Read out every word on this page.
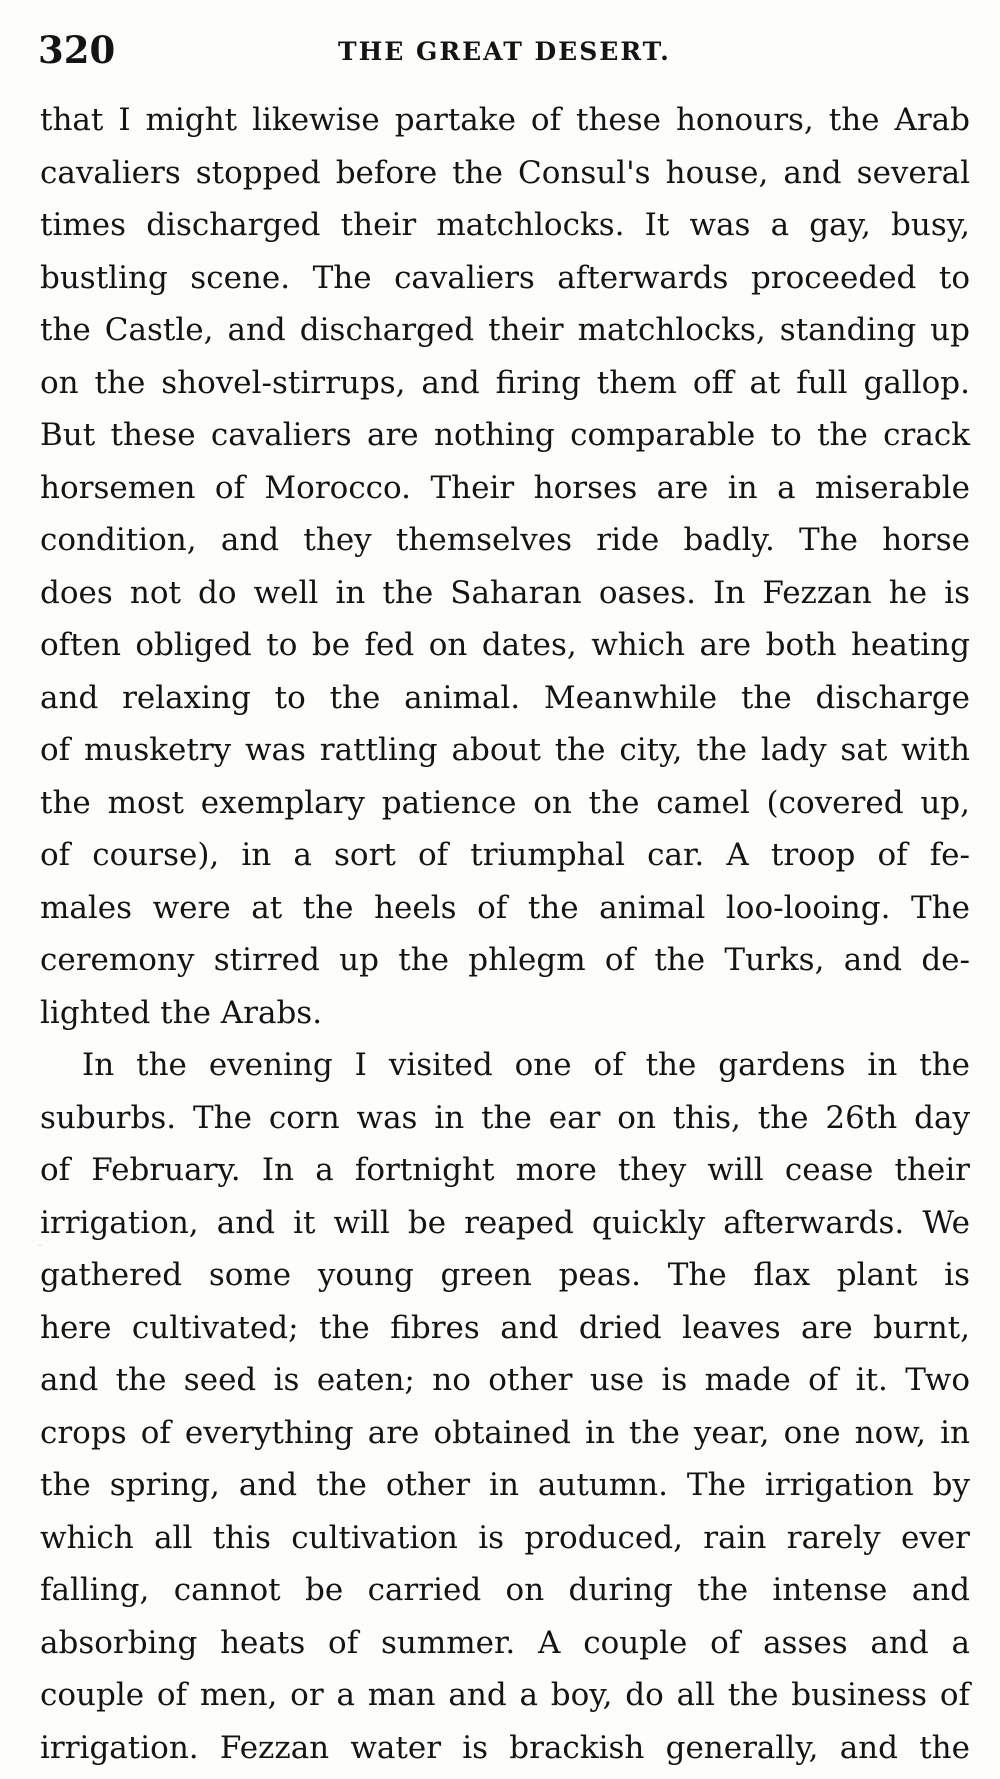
320	THE GREAT DESERT.
that I might likewise partake of these honours, the Arab
cavaliers stopped before the Consul's house, and several
times discharged their matchlocks. It was a gay, busy,
bustling scene. The cavaliers afterwards proceeded to
the Castle, and discharged their matchlocks, standing up
on the shovel-stirrups, and firing them off at full gallop.
But these cavaliers are nothing comparable to the crack
horsemen of Morocco. Their horses are in a miserable
condition, and they themselves ride badly. The horse
does not do well in the Saharan oases. In Fezzan he is
often obliged to be fed on dates, which are both heating
and relaxing to the animal. Meanwhile the discharge
of musketry was rattling about the city, the lady sat with
the most exemplary patience on the camel (covered up,
of course), in a sort of triumphal car. A troop of fe-
males were at the heels of the animal loo-looing. The
ceremony stirred up the phlegm of the Turks, and de-
lighted the Arabs.
In the evening I visited one of the gardens in the
suburbs. The corn was in the ear on this, the 26th day
of February. In a fortnight more they will cease their
irrigation, and it will be reaped quickly afterwards. We
gathered some young green peas. The flax plant is
here cultivated; the fibres and dried leaves are burnt,
and the seed is eaten; no other use is made of it. Two
crops of everything are obtained in the year, one now, in
the spring, and the other in autumn. The irrigation by
which all this cultivation is produced, rain rarely ever
falling, cannot be carried on during the intense and
absorbing heats of summer. A couple of asses and a
couple of men, or a man and a boy, do all the business of
irrigation. Fezzan water is brackish generally, and the
